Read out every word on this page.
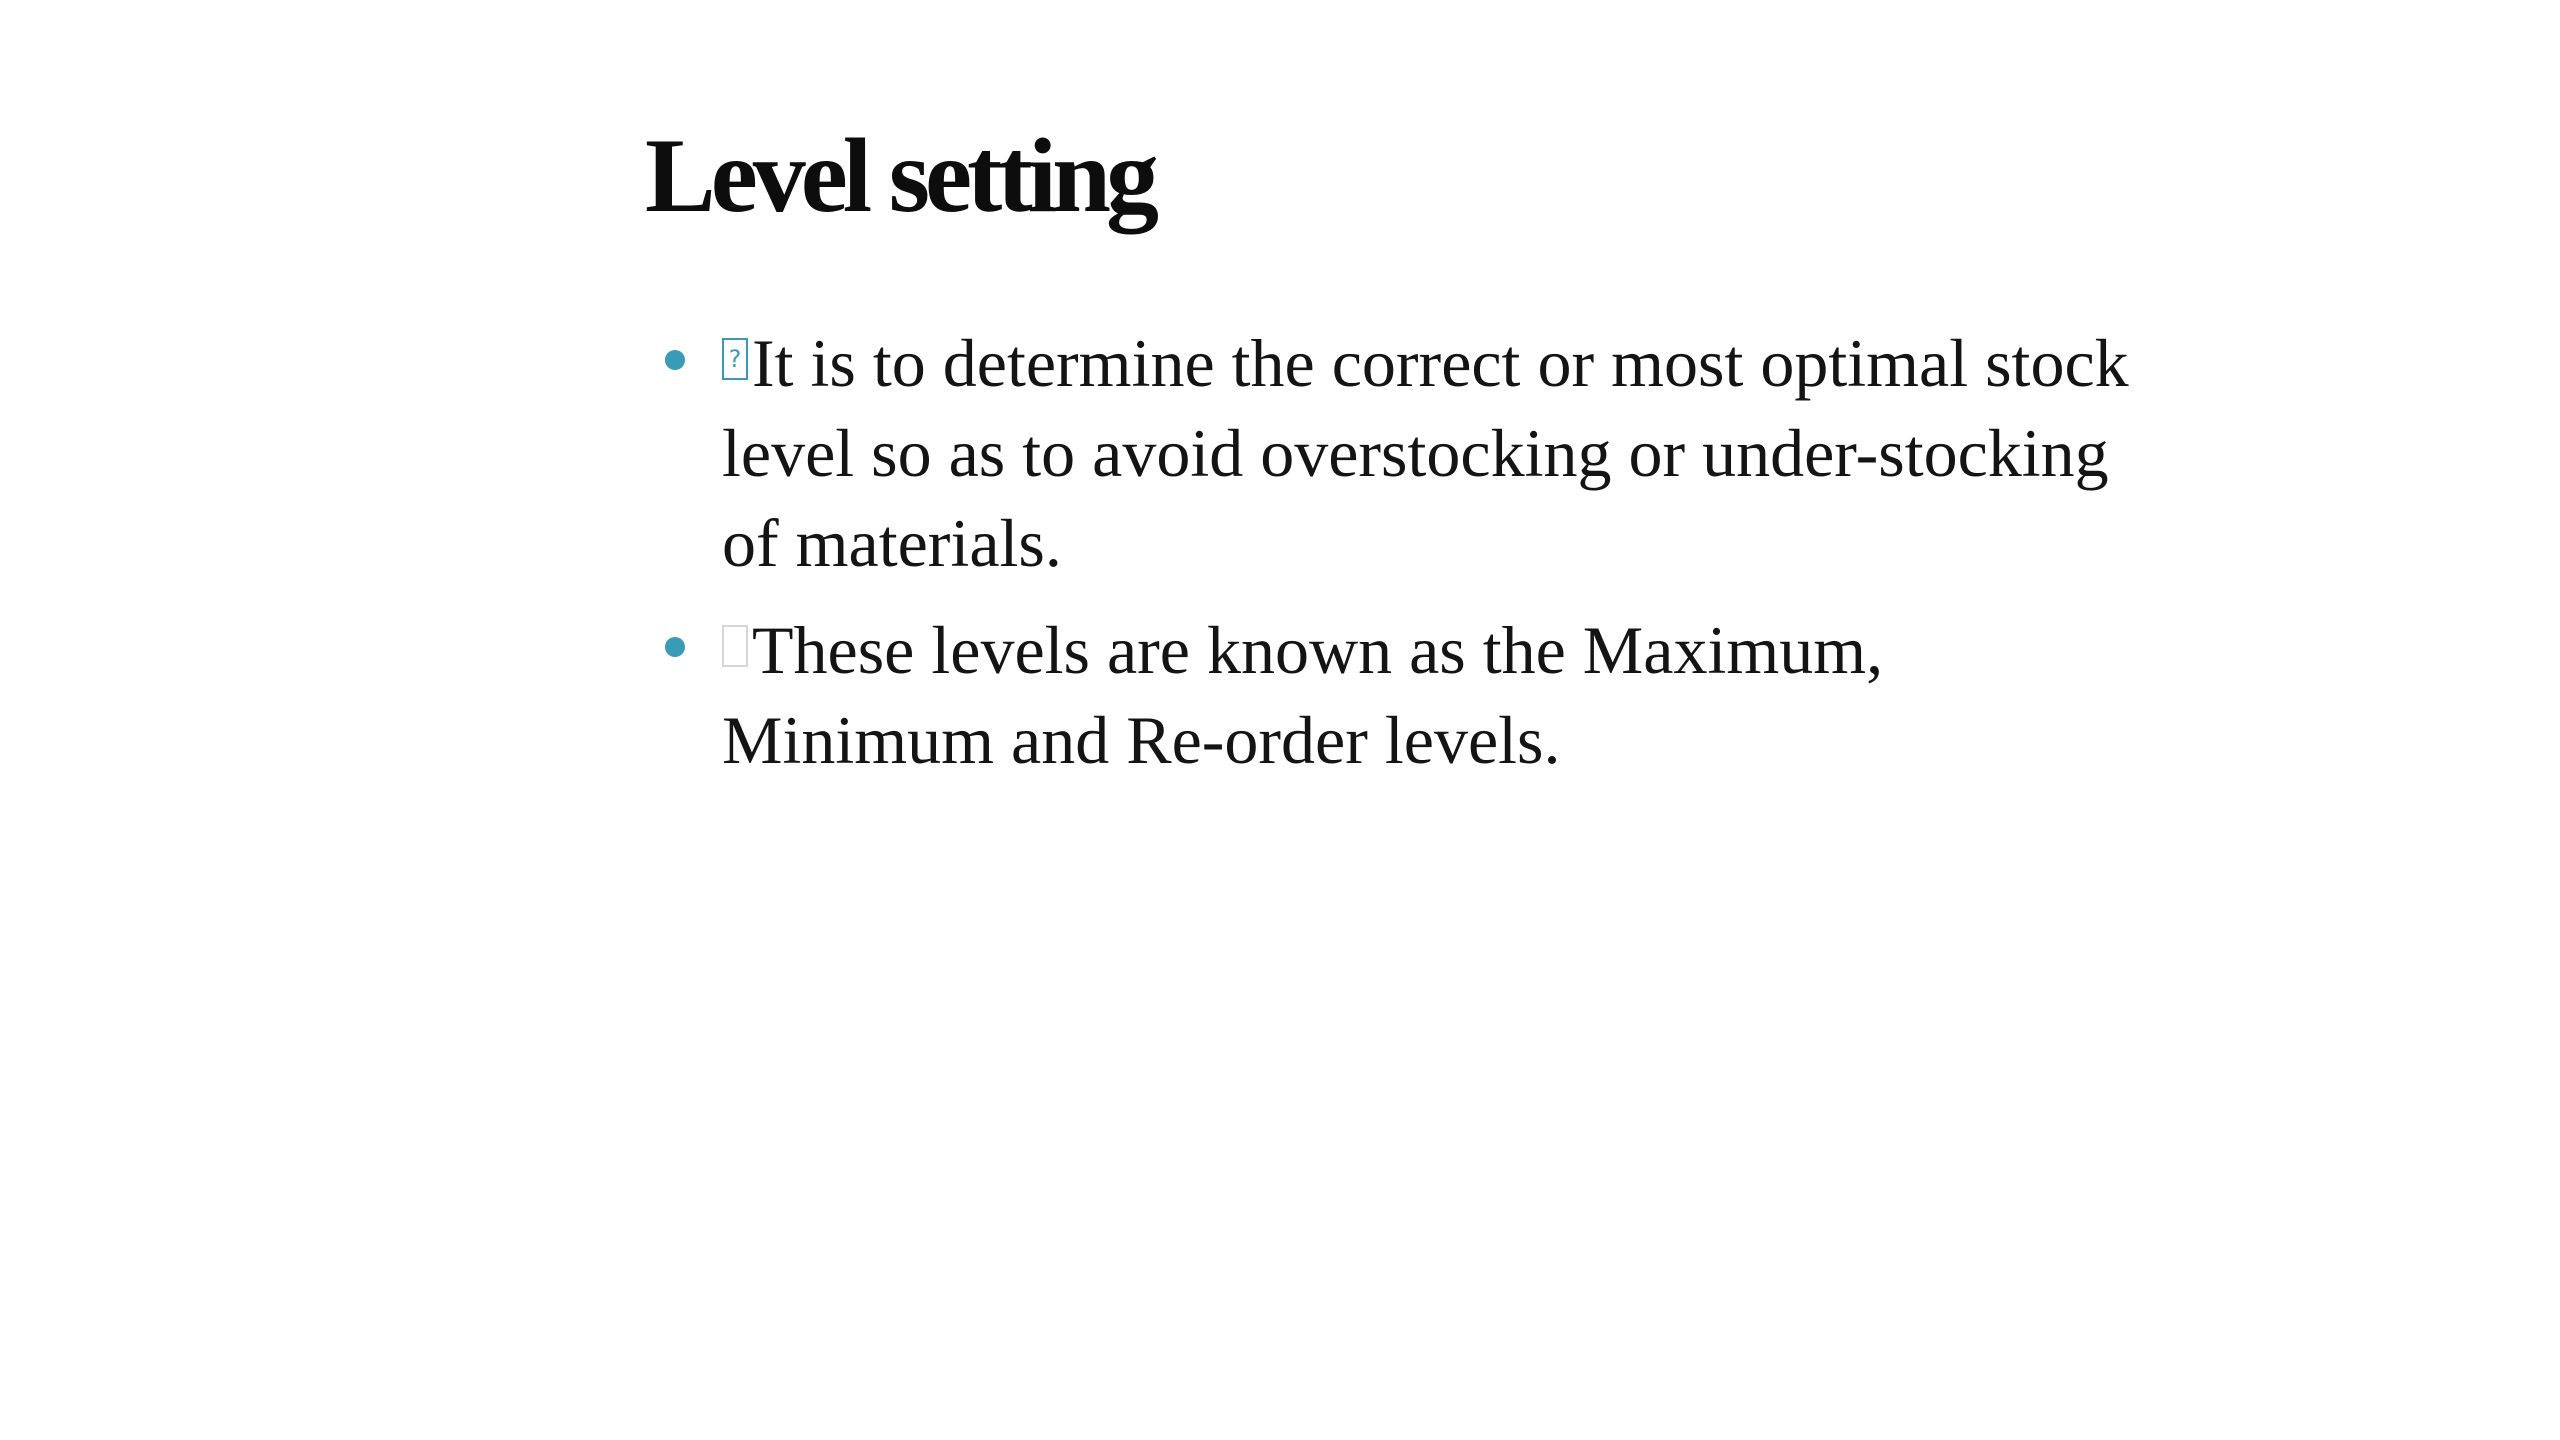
Level setting
? It is to determine the correct or most optimal stock level so as to avoid overstocking or under-stocking of materials.
These levels are known as the Maximum, Minimum and Re-order levels.
